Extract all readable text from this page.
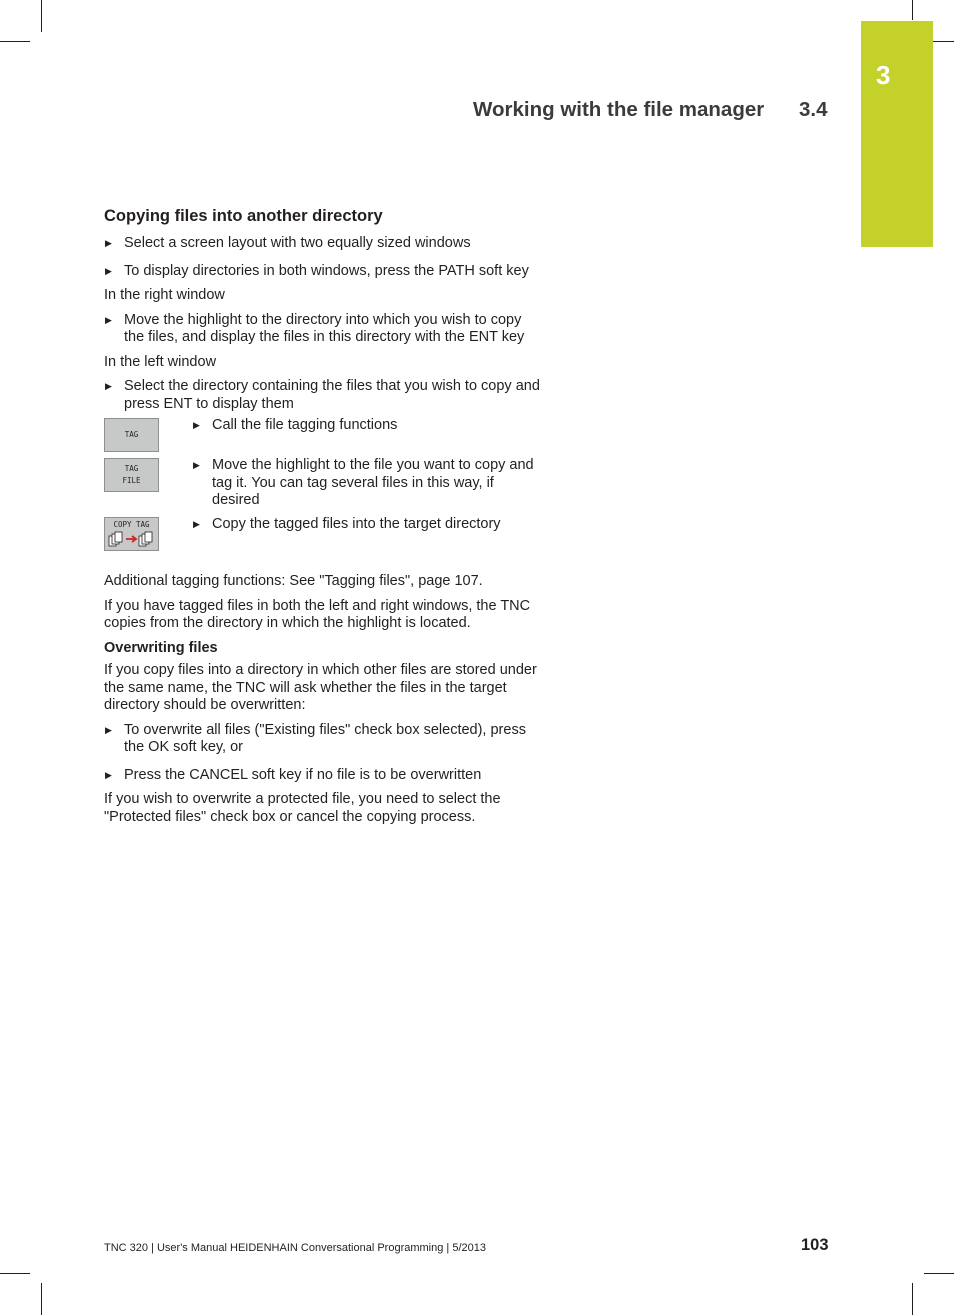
3
Working with the file manager 3.4
Copying files into another directory
▶ Select a screen layout with two equally sized windows
▶ To display directories in both windows, press the PATH soft key

In the right window

▶ Move the highlight to the directory into which you wish to copy the files, and display the files in this directory with the ENT key

In the left window

▶ Select the directory containing the files that you wish to copy and press ENT to display them
TAG
▶ Call the file tagging functions
TAG
FILE
▶ Move the highlight to the file you want to copy and tag it. You can tag several files in this way, if desired
COPY TAG	▶ Copy the tagged files into the target directory

Additional tagging functions: See "Tagging files", page 107.

If you have tagged files in both the left and right windows, the TNC copies from the directory in which the highlight is located.

Overwriting files

If you copy files into a directory in which other files are stored under the same name, the TNC will ask whether the files in the target directory should be overwritten:

▶ To overwrite all files ("Existing files" check box selected), press the OK soft key, or
▶ Press the CANCEL soft key if no file is to be overwritten

If you wish to overwrite a protected file, you need to select the "Protected files" check box or cancel the copying process.

TNC 320 | User's Manual HEIDENHAIN Conversational Programming | 5/2013	103
